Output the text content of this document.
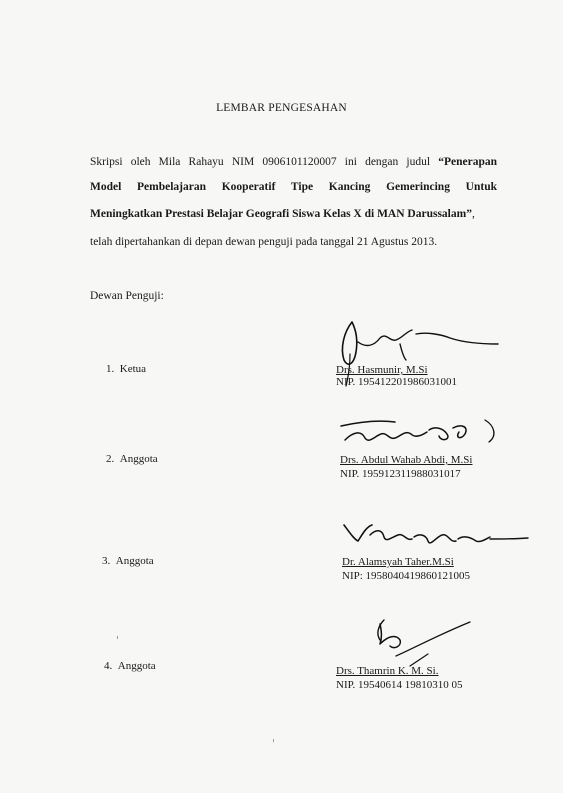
LEMBAR PENGESAHAN
Skripsi oleh Mila Rahayu NIM 0906101120007 ini dengan judul “Penerapan
Model Pembelajaran Kooperatif Tipe Kancing Gemerincing Untuk
Meningkatkan Prestasi Belajar Geografi Siswa Kelas X di MAN Darussalam”,
telah dipertahankan di depan dewan penguji pada tanggal 21 Agustus 2013.
Dewan Penguji:
1. Ketua	Drs. Hasmunir, M.Si
NIP. 195412201986031001
2. Anggota	Drs. Abdul Wahab Abdi, M.Si
NIP. 195912311988031017
3. Anggota	Dr. Alamsyah Taher.M.Si
NIP: 1958040419860121005
4. Anggota	Drs. Thamrin K. M. Si.
NIP. 19540614 19810310 05
